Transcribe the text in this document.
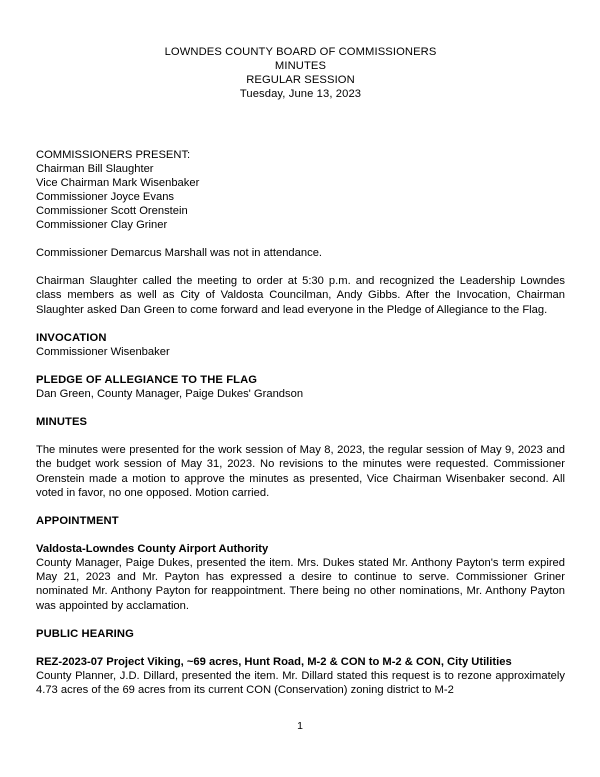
LOWNDES COUNTY BOARD OF COMMISSIONERS
MINUTES
REGULAR SESSION
Tuesday, June 13, 2023
COMMISSIONERS PRESENT:
Chairman Bill Slaughter
Vice Chairman Mark Wisenbaker
Commissioner Joyce Evans
Commissioner Scott Orenstein
Commissioner Clay Griner

Commissioner Demarcus Marshall was not in attendance.

Chairman Slaughter called the meeting to order at 5:30 p.m. and recognized the Leadership Lowndes class members as well as City of Valdosta Councilman, Andy Gibbs. After the Invocation, Chairman Slaughter asked Dan Green to come forward and lead everyone in the Pledge of Allegiance to the Flag.

INVOCATION

Commissioner Wisenbaker

PLEDGE OF ALLEGIANCE TO THE FLAG

Dan Green, County Manager, Paige Dukes' Grandson

MINUTES

The minutes were presented for the work session of May 8, 2023, the regular session of May 9, 2023 and the budget work session of May 31, 2023. No revisions to the minutes were requested. Commissioner Orenstein made a motion to approve the minutes as presented, Vice Chairman Wisenbaker second. All voted in favor, no one opposed. Motion carried.

APPOINTMENT
Valdosta-Lowndes County Airport Authority

County Manager, Paige Dukes, presented the item. Mrs. Dukes stated Mr. Anthony Payton's term expired May 21, 2023 and Mr. Payton has expressed a desire to continue to serve. Commissioner Griner nominated Mr. Anthony Payton for reappointment. There being no other nominations, Mr. Anthony Payton was appointed by acclamation.

PUBLIC HEARING
REZ-2023-07 Project Viking, ~69 acres, Hunt Road, M-2 & CON to M-2 & CON, City Utilities

County Planner, J.D. Dillard, presented the item. Mr. Dillard stated this request is to rezone approximately 4.73 acres of the 69 acres from its current CON (Conservation) zoning district to M-2

1
